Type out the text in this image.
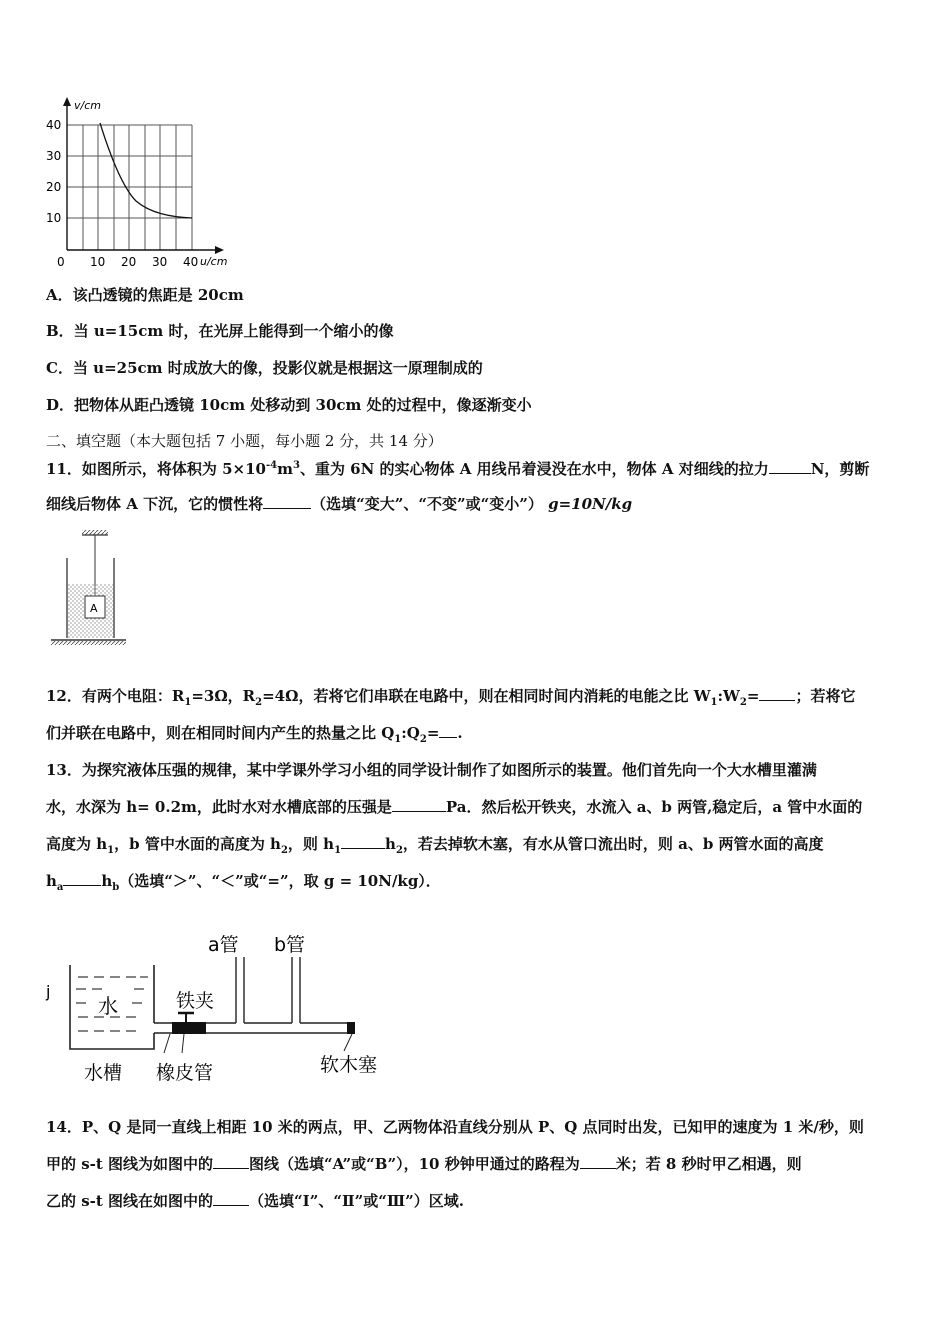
v/cm
u/cm
40
30
20
10
0 10 20 30 40
A．该凸透镜的焦距是 20cm
B．当 u=15cm 时，在光屏上能得到一个缩小的像
C．当 u=25cm 时成放大的像，投影仪就是根据这一原理制成的
D．把物体从距凸透镜 10cm 处移动到 30cm 处的过程中，像逐渐变小
二、填空题（本大题包括 7 小题，每小题 2 分，共 14 分）
11．如图所示，将体积为 $5\times 10^{-4}m^3$、重为 6N 的实心物体 A 用线吊着浸没在水中，物体 A 对细线的拉力	N，剪断
细线后物体 A 下沉，它的惯性将	（选填“变大”、“不变”或“变小”） g=10N/kg
A
12．有两个电阻：$R_1=3\Omega$，$R_2=4\Omega$，若将它们串联在电路中，则在相同时间内消耗的电能之比 $W_1:W_2=$ ；若将它
们并联在电路中，则在相同时间内产生的热量之比 $Q_1:Q_2=$ .
13．为探究液体压强的规律，某中学课外学习小组的同学设计制作了如图所示的装置。他们首先向一个大水槽里灌满
水，水深为 h= 0.2m，此时水对水槽底部的压强是	Pa．然后松开铁夹，水流入 a、b 两管,稳定后，a 管中水面的
高度为 $h_1$，b 管中水面的高度为 $h_2$，则 $h_1$	$h_2$，若去掉软木塞，有水从管口流出时，则 a、b 两管水面的高度
$h_a$	$h_b$（选填“＞”、“＜”或“=”，取 g = 10N/kg）．
j
水
a管 b管
铁夹
水槽 橡皮管	软木塞
14．P、Q 是同一直线上相距 10 米的两点，甲、乙两物体沿直线分别从 P、Q 点同时出发，已知甲的速度为 1 米/秒，则
甲的 s-t 图线为如图中的 图线（选填“A”或“B”），10 秒钟甲通过的路程为 米；若 8 秒时甲乙相遇，则
乙的 s-t 图线在如图中的 （选填“Ⅰ”、“Ⅱ”或“Ⅲ”）区域.
